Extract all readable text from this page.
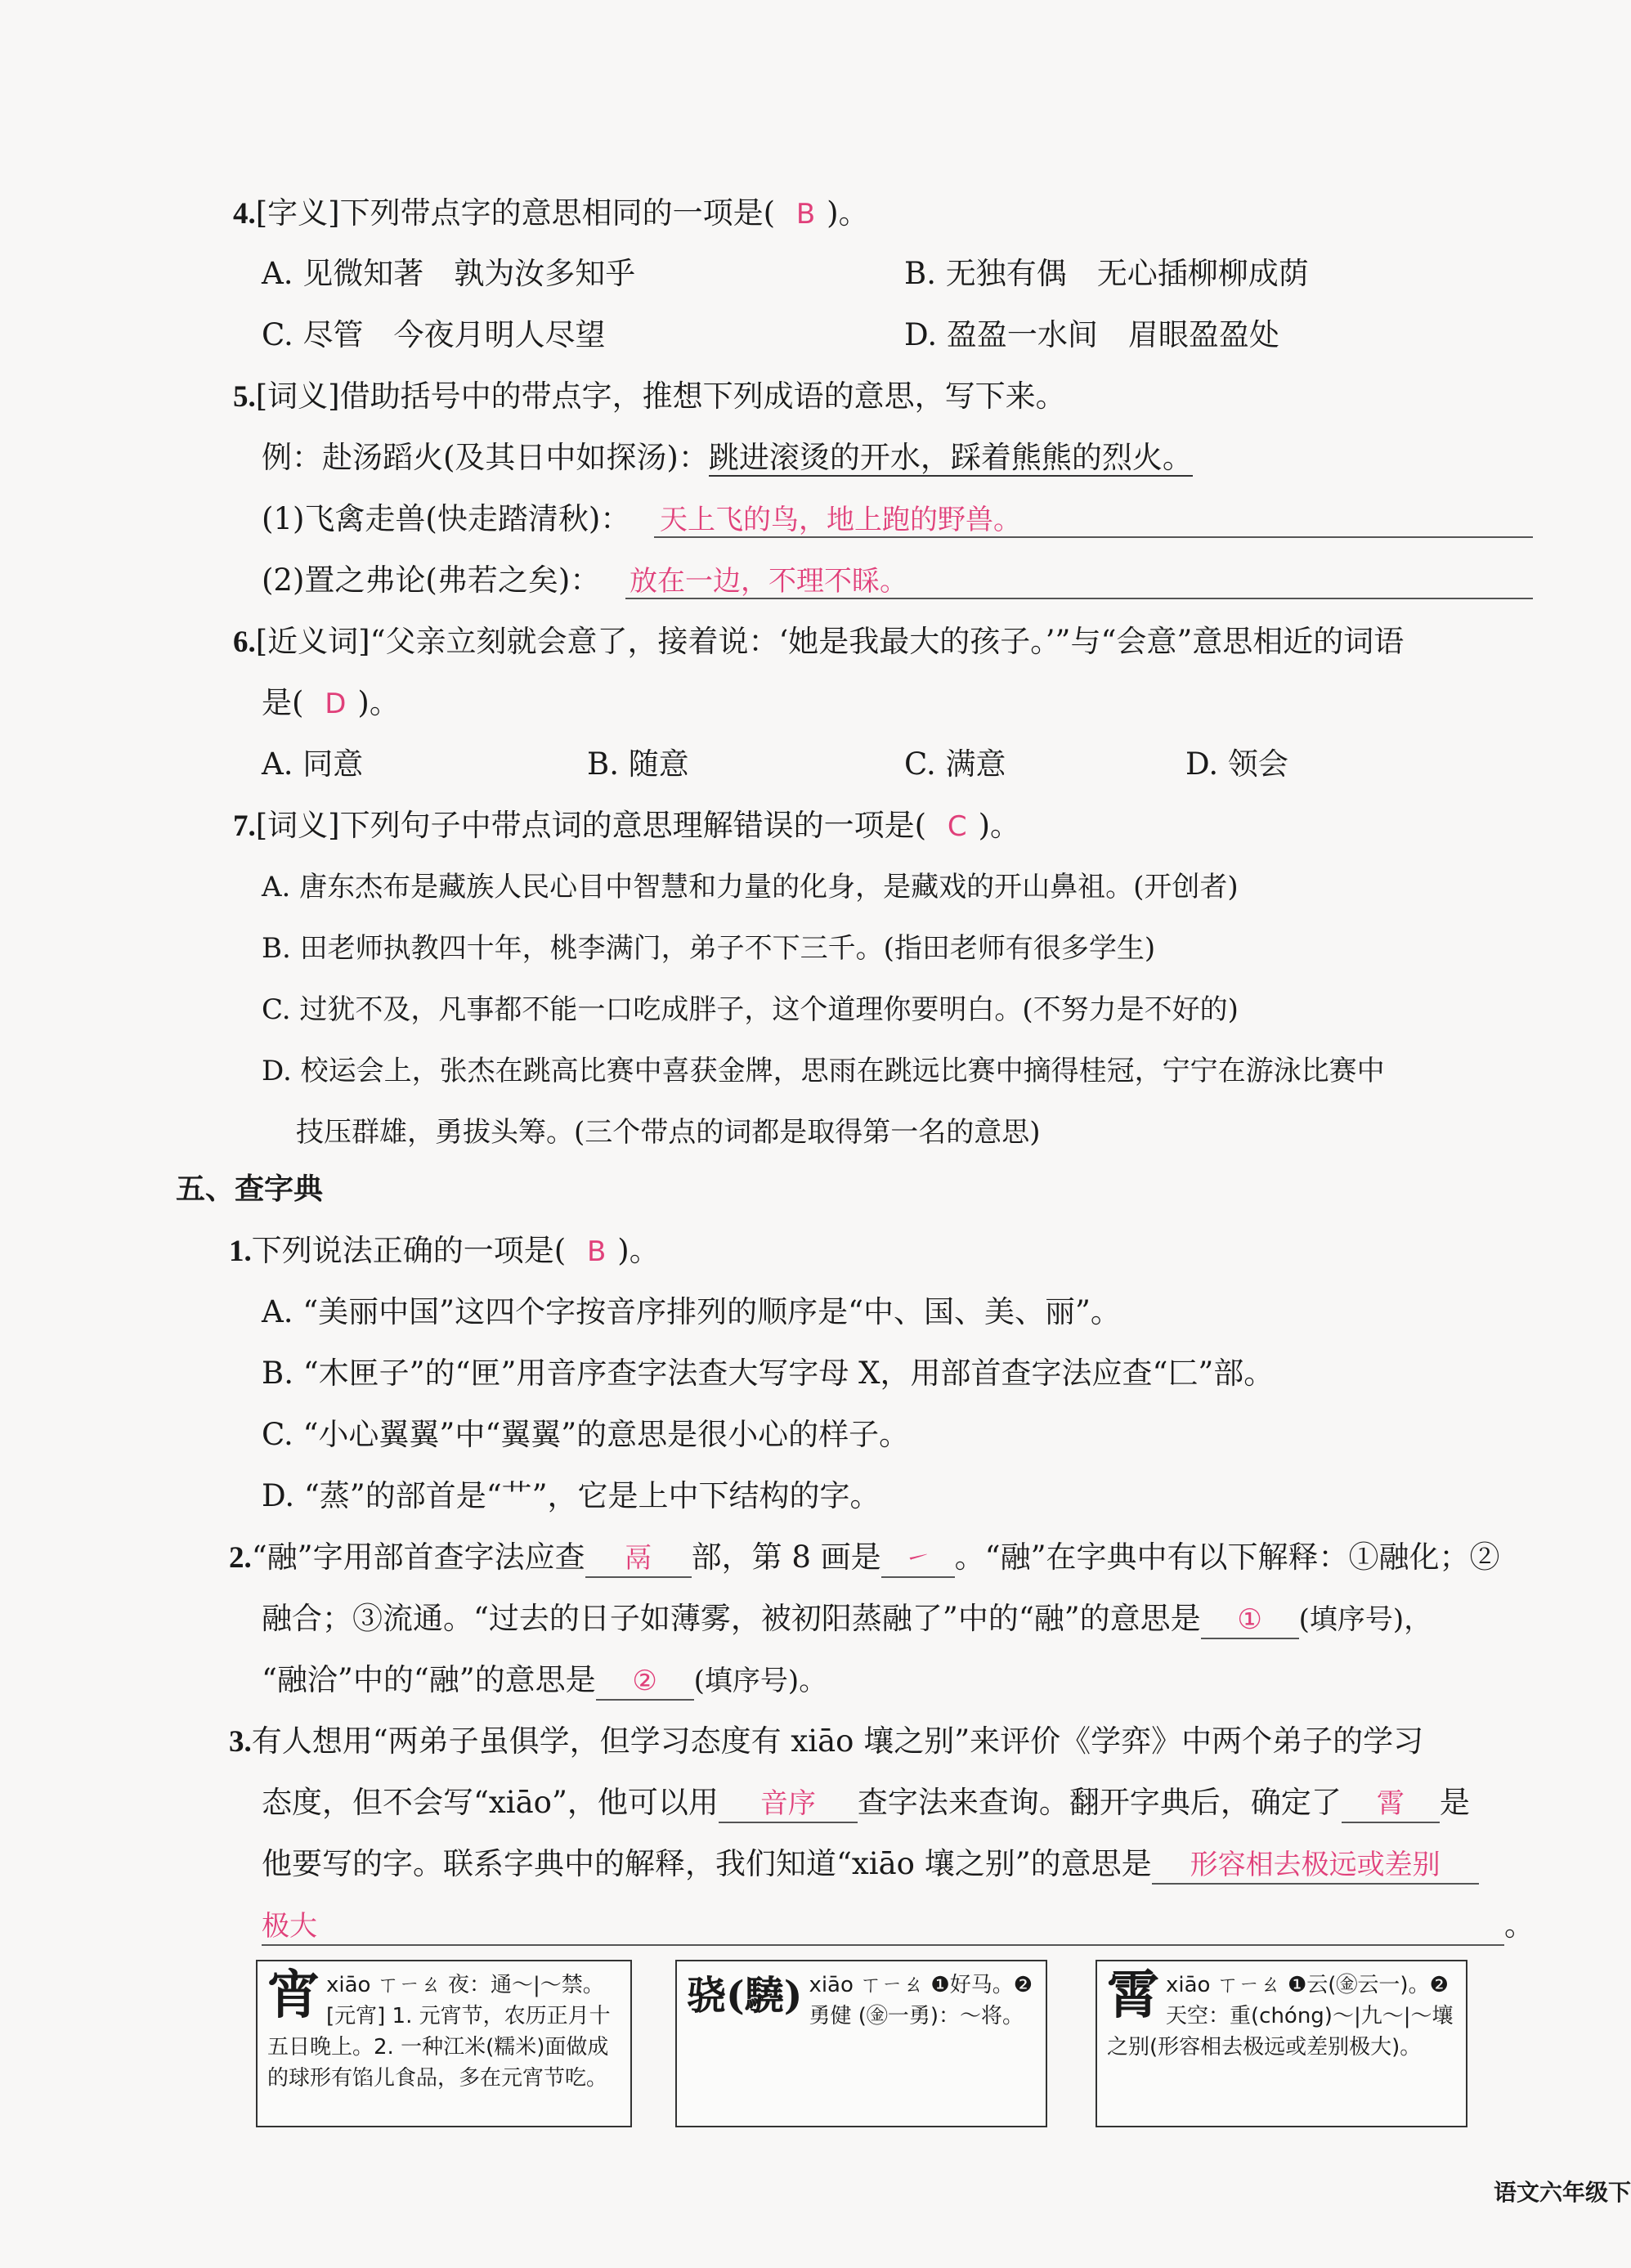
4.[字义]下列带点字的意思相同的一项是( B )。
A. 见微知著　孰为汝多知乎	B. 无独有偶　无心插柳柳成荫
C. 尽管　今夜月明人尽望	D. 盈盈一水间　眉眼盈盈处
5.[词义]借助括号中的带点字，推想下列成语的意思，写下来。
例：赴汤蹈火(及其日中如探汤)：跳进滚烫的开水，踩着熊熊的烈火。
(1)飞禽走兽(快走踏清秋)： 天上飞的鸟，地上跑的野兽。
(2)置之弗论(弗若之矣)： 放在一边，不理不睬。
6.[近义词]“父亲立刻就会意了，接着说：‘她是我最大的孩子。’”与“会意”意思相近的词语
是( D )。
A. 同意	B. 随意	C. 满意	D. 领会
7.[词义]下列句子中带点词的意思理解错误的一项是( C )。
A. 唐东杰布是藏族人民心目中智慧和力量的化身，是藏戏的开山鼻祖。(开创者)
B. 田老师执教四十年，桃李满门，弟子不下三千。(指田老师有很多学生)
C. 过犹不及，凡事都不能一口吃成胖子，这个道理你要明白。(不努力是不好的)
D. 校运会上，张杰在跳高比赛中喜获金牌，思雨在跳远比赛中摘得桂冠，宁宁在游泳比赛中
技压群雄，勇拔头筹。(三个带点的词都是取得第一名的意思)
五、查字典
1.下列说法正确的一项是( B )。
A. “美丽中国”这四个字按音序排列的顺序是“中、国、美、丽”。
B. “木匣子”的“匣”用音序查字法查大写字母 X，用部首查字法应查“匚”部。
C. “小心翼翼”中“翼翼”的意思是很小心的样子。
D. “蒸”的部首是“艹”，它是上中下结构的字。
2.“融”字用部首查字法应查 鬲 部，第 8 画是 ㇀ 。“融”在字典中有以下解释：①融化；②
融合；③流通。“过去的日子如薄雾，被初阳蒸融了”中的“融”的意思是 ① (填序号)，
“融洽”中的“融”的意思是 ② (填序号)。
3.有人想用“两弟子虽俱学，但学习态度有 xiāo 壤之别”来评价《学弈》中两个弟子的学习
态度，但不会写“xiāo”，他可以用 音序 查字法来查询。翻开字典后，确定了 霄 是
他要写的字。联系字典中的解释，我们知道“xiāo 壤之别”的意思是 形容相去极远或差别
极大	。
宵xiāo ㄒㄧㄠ 夜：通～|～禁。[元宵] 1. 元宵节，农历正月十五日晚上。2. 一种江米(糯米)面做成的球形有馅儿食品，多在元宵节吃。
骁(驍) xiāo ㄒㄧㄠ ❶好马。❷勇健 (㊎一勇)：～将。	霄xiāo ㄒㄧㄠ ❶云(㊎云一)。❷天空：重(chóng)～|九～|～壤之别(形容相去极远或差别极大)。
语文六年级下
